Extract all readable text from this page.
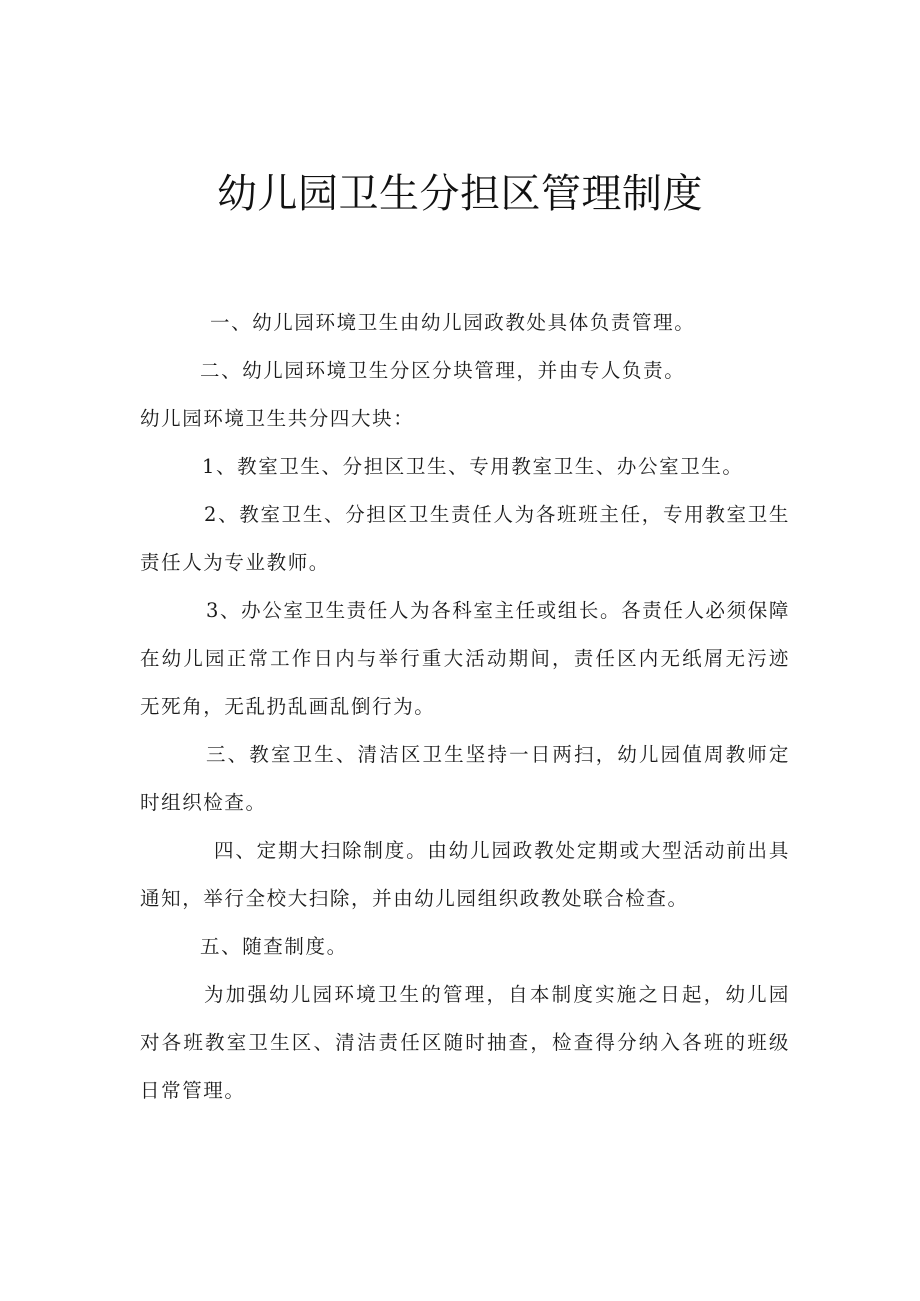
幼儿园卫生分担区管理制度

一、幼儿园环境卫生由幼儿园政教处具体负责管理。

二、幼儿园环境卫生分区分块管理，并由专人负责。

幼儿园环境卫生共分四大块：

1、教室卫生、分担区卫生、专用教室卫生、办公室卫生。

2、教室卫生、分担区卫生责任人为各班班主任，专用教室卫生责任人为专业教师。

3、办公室卫生责任人为各科室主任或组长。各责任人必须保障在幼儿园正常工作日内与举行重大活动期间，责任区内无纸屑无污迹无死角，无乱扔乱画乱倒行为。

三、教室卫生、清洁区卫生坚持一日两扫，幼儿园值周教师定时组织检查。

四、定期大扫除制度。由幼儿园政教处定期或大型活动前出具通知，举行全校大扫除，并由幼儿园组织政教处联合检查。

五、随查制度。

为加强幼儿园环境卫生的管理，自本制度实施之日起，幼儿园对各班教室卫生区、清洁责任区随时抽查，检查得分纳入各班的班级日常管理。
